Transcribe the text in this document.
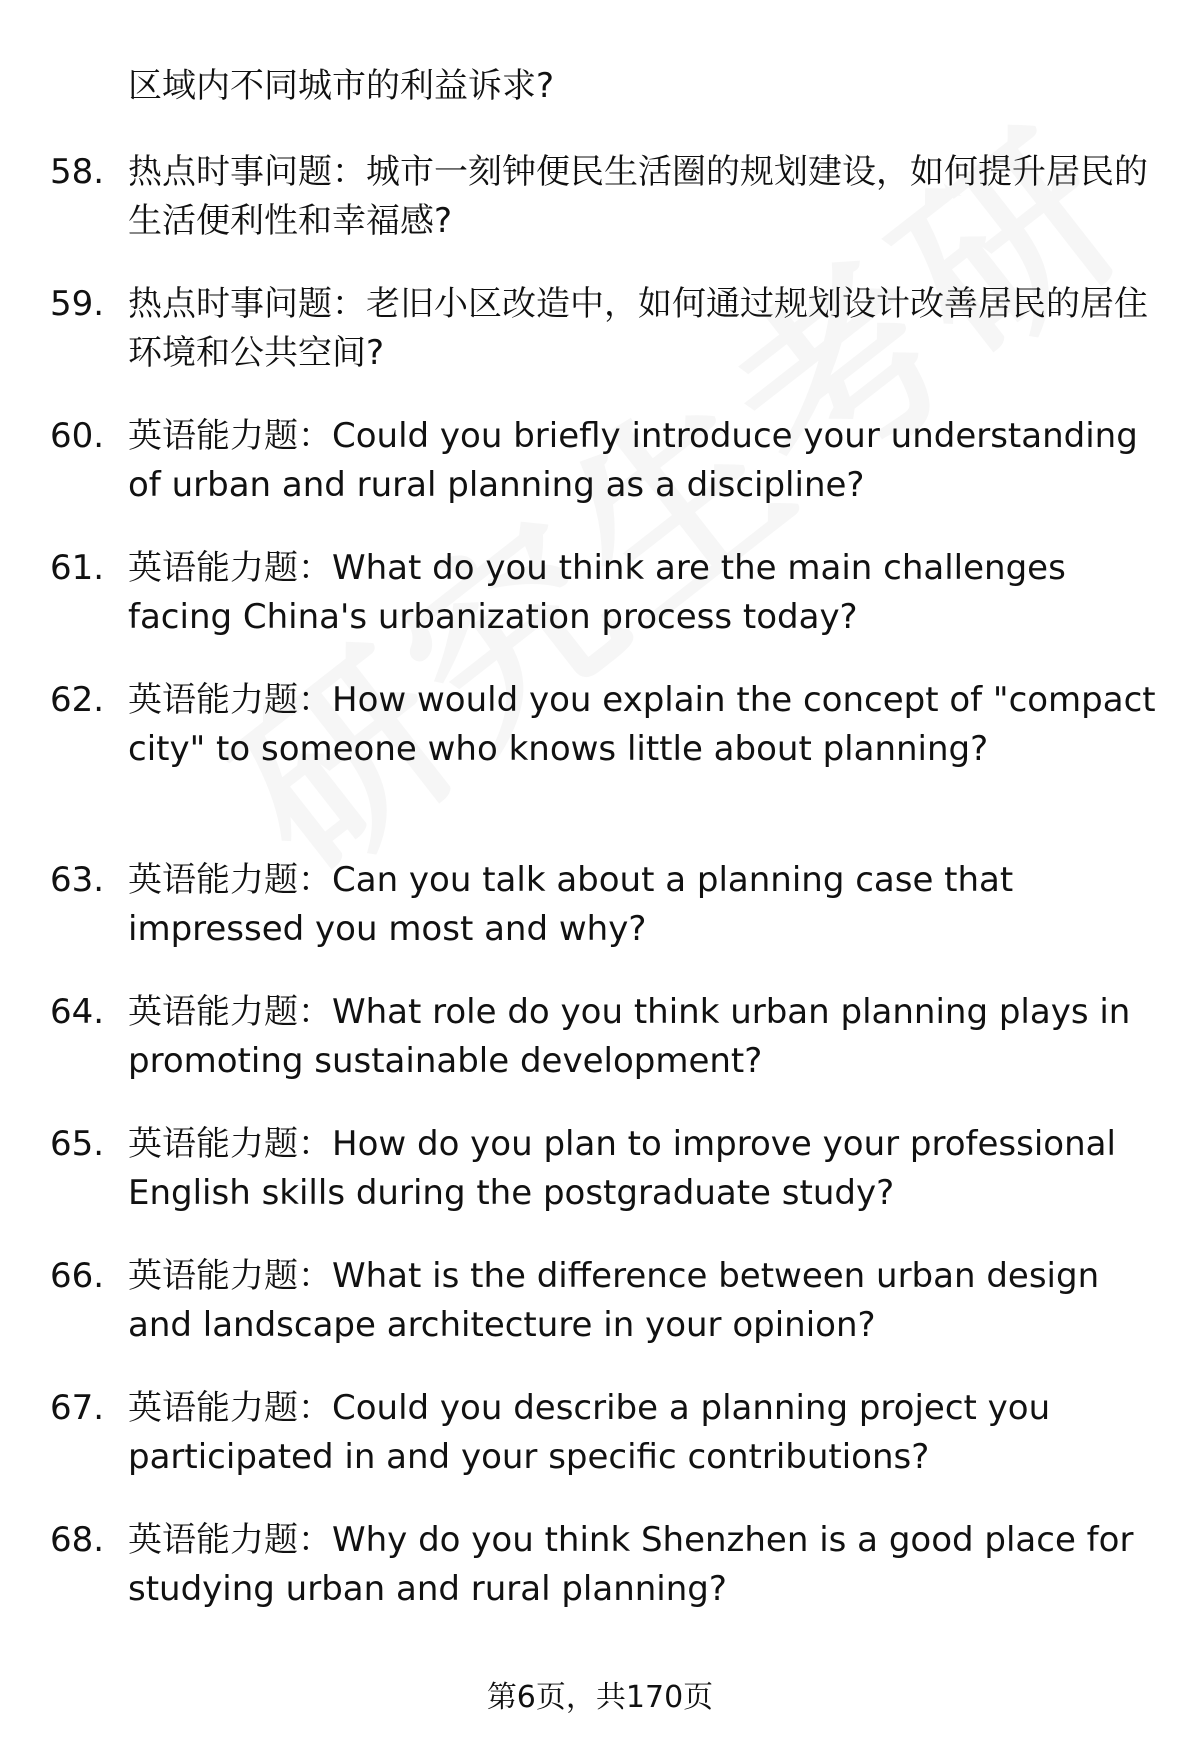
区域内不同城市的利益诉求?
58. 热点时事问题：城市一刻钟便民生活圈的规划建设，如何提升居民的生活便利性和幸福感?
59. 热点时事问题：老旧小区改造中，如何通过规划设计改善居民的居住环境和公共空间?
60. 英语能力题：Could you briefly introduce your understanding of urban and rural planning as a discipline?
61. 英语能力题：What do you think are the main challenges facing China's urbanization process today?
62. 英语能力题：How would you explain the concept of "compact city" to someone who knows little about planning?
63. 英语能力题：Can you talk about a planning case that impressed you most and why?
64. 英语能力题：What role do you think urban planning plays in promoting sustainable development?
65. 英语能力题：How do you plan to improve your professional English skills during the postgraduate study?
66. 英语能力题：What is the difference between urban design and landscape architecture in your opinion?
67. 英语能力题：Could you describe a planning project you participated in and your specific contributions?
68. 英语能力题：Why do you think Shenzhen is a good place for studying urban and rural planning?
第6页，共170页
